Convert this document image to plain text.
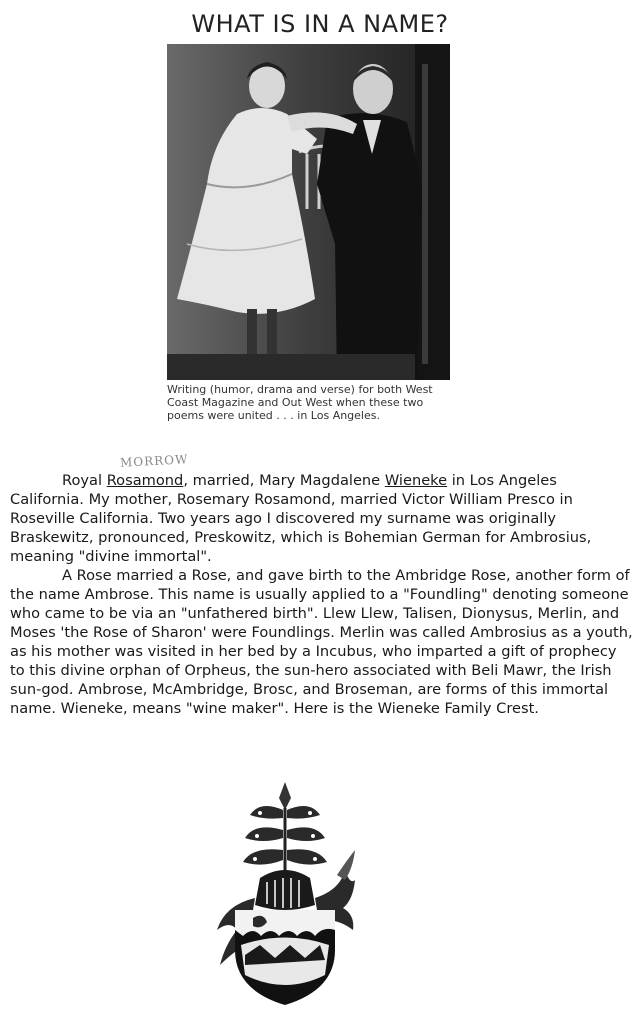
WHAT IS IN A NAME?
Writing (humor, drama and verse) for both West Coast Magazine and Out West when these two poems were united . . . in Los Angeles.
MORROW

Royal Rosamond, married, Mary Magdalene Wieneke in Los Angeles California. My mother, Rosemary Rosamond, married Victor William Presco in Roseville California. Two years ago I discovered my surname was originally Braskewitz, pronounced, Preskowitz, which is Bohemian German for Ambrosius, meaning "divine immortal".

A Rose married a Rose, and gave birth to the Ambridge Rose, another form of the name Ambrose. This name is usually applied to a "Foundling" denoting someone who came to be via an "unfathered birth". Llew Llew, Talisen, Dionysus, Merlin, and Moses 'the Rose of Sharon' were Foundlings. Merlin was called Ambrosius as a youth, as his mother was visited in her bed by a Incubus, who imparted a gift of prophecy to this divine orphan of Orpheus, the sun-hero associated with Beli Mawr, the Irish sun-god. Ambrose, McAmbridge, Brosc, and Broseman, are forms of this immortal name. Wieneke, means "wine maker". Here is the Wieneke Family Crest.
